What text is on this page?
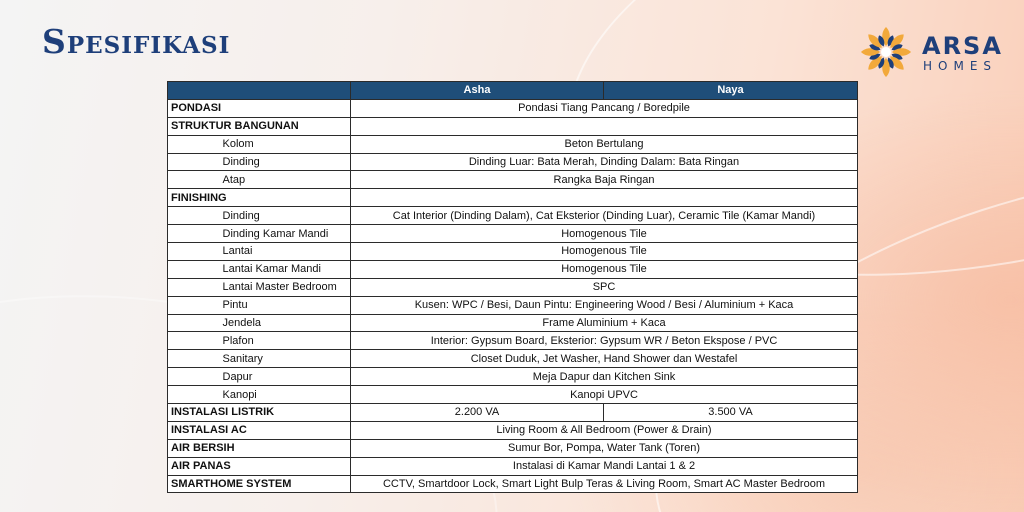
Spesifikasi	ARSA
HOMES
		Asha	Naya
PONDASI		Pondasi Tiang Pancang / Boredpile	
STRUKTUR BANGUNAN			
	Kolom	Beton Bertulang	
	Dinding	Dinding Luar: Bata Merah, Dinding Dalam: Bata Ringan	
	Atap	Rangka Baja Ringan	
FINISHING			
	Dinding	Cat Interior (Dinding Dalam), Cat Eksterior (Dinding Luar), Ceramic Tile (Kamar Mandi)	
	Dinding Kamar Mandi	Homogenous Tile	
	Lantai	Homogenous Tile	
	Lantai Kamar Mandi	Homogenous Tile	
	Lantai Master Bedroom	SPC	
	Pintu	Kusen: WPC / Besi, Daun Pintu: Engineering Wood / Besi / Aluminium + Kaca	
	Jendela	Frame Aluminium + Kaca	
	Plafon	Interior: Gypsum Board, Eksterior: Gypsum WR / Beton Ekspose / PVC	
	Sanitary	Closet Duduk, Jet Washer, Hand Shower dan Westafel	
	Dapur	Meja Dapur dan Kitchen Sink	
	Kanopi	Kanopi UPVC	
INSTALASI LISTRIK		2.200 VA	3.500 VA
INSTALASI AC		Living Room & All Bedroom (Power & Drain)	
AIR BERSIH		Sumur Bor, Pompa, Water Tank (Toren)	
AIR PANAS		Instalasi di Kamar Mandi Lantai 1 & 2	
SMARTHOME SYSTEM		CCTV, Smartdoor Lock, Smart Light Bulp Teras & Living Room, Smart AC Master Bedroom	
